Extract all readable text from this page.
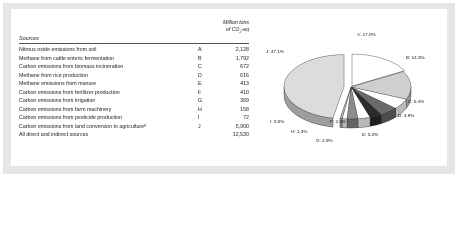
Million tons
of $CO_2-eq$
Sources
Nitrous oxide emissions from soil	A	2,128
Methane from cattle enteric fermentation	B	1,792
Carbon emissions from biomass incineration	C	672
Methane from rice production	D	616
Methane emissions from manure	E	413
Carbon emissions from fertilizer production	F	410
Carbon emissions from irrigation	G	369
Carbon emissions from farm machinery	H	158
Carbon emissions from pesticide production	I	72
Carbon emissions from land conversion to agricultureª	J	5,900
All direct and indirect sources	12,530
A: 17.0%
B: 14.3%
C: 5.4%
D: 4.9%
E: 3.3%
F: 3.3%
G: 2.9%
H: 1.3%
I: 0.6%
J: 47.1%
